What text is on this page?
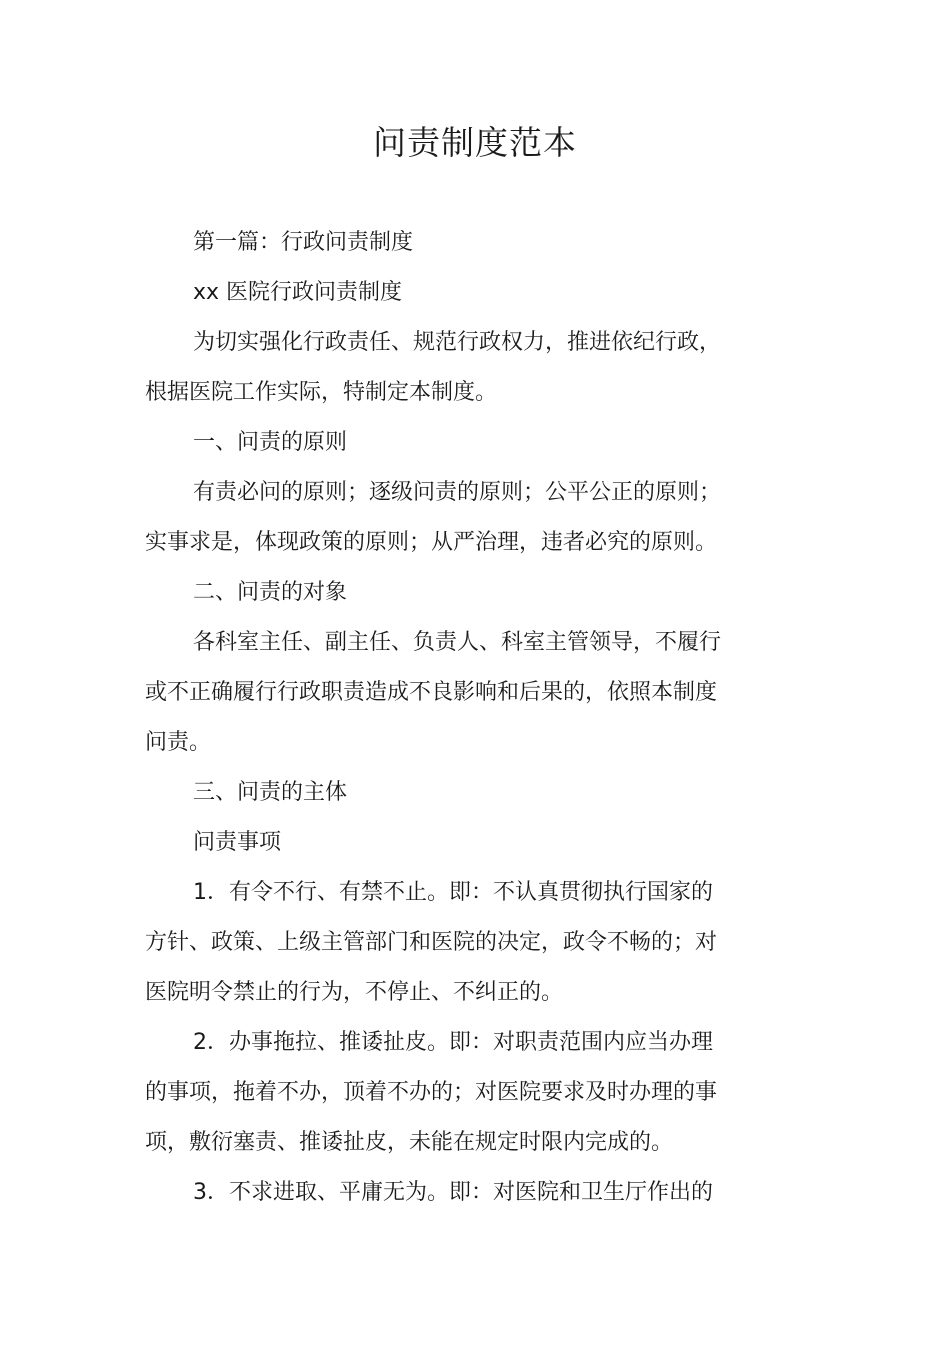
问责制度范本
第一篇：行政问责制度
xx 医院行政问责制度
为切实强化行政责任、规范行政权力，推进依纪行政，
根据医院工作实际，特制定本制度。
一、问责的原则
有责必问的原则；逐级问责的原则；公平公正的原则；
实事求是，体现政策的原则；从严治理，违者必究的原则。
二、问责的对象
各科室主任、副主任、负责人、科室主管领导，不履行
或不正确履行行政职责造成不良影响和后果的，依照本制度
问责。
三、问责的主体
问责事项
1．有令不行、有禁不止。即：不认真贯彻执行国家的
方针、政策、上级主管部门和医院的决定，政令不畅的；对
医院明令禁止的行为，不停止、不纠正的。
2．办事拖拉、推诿扯皮。即：对职责范围内应当办理
的事项，拖着不办，顶着不办的；对医院要求及时办理的事
项，敷衍塞责、推诿扯皮，未能在规定时限内完成的。
3．不求进取、平庸无为。即：对医院和卫生厅作出的
